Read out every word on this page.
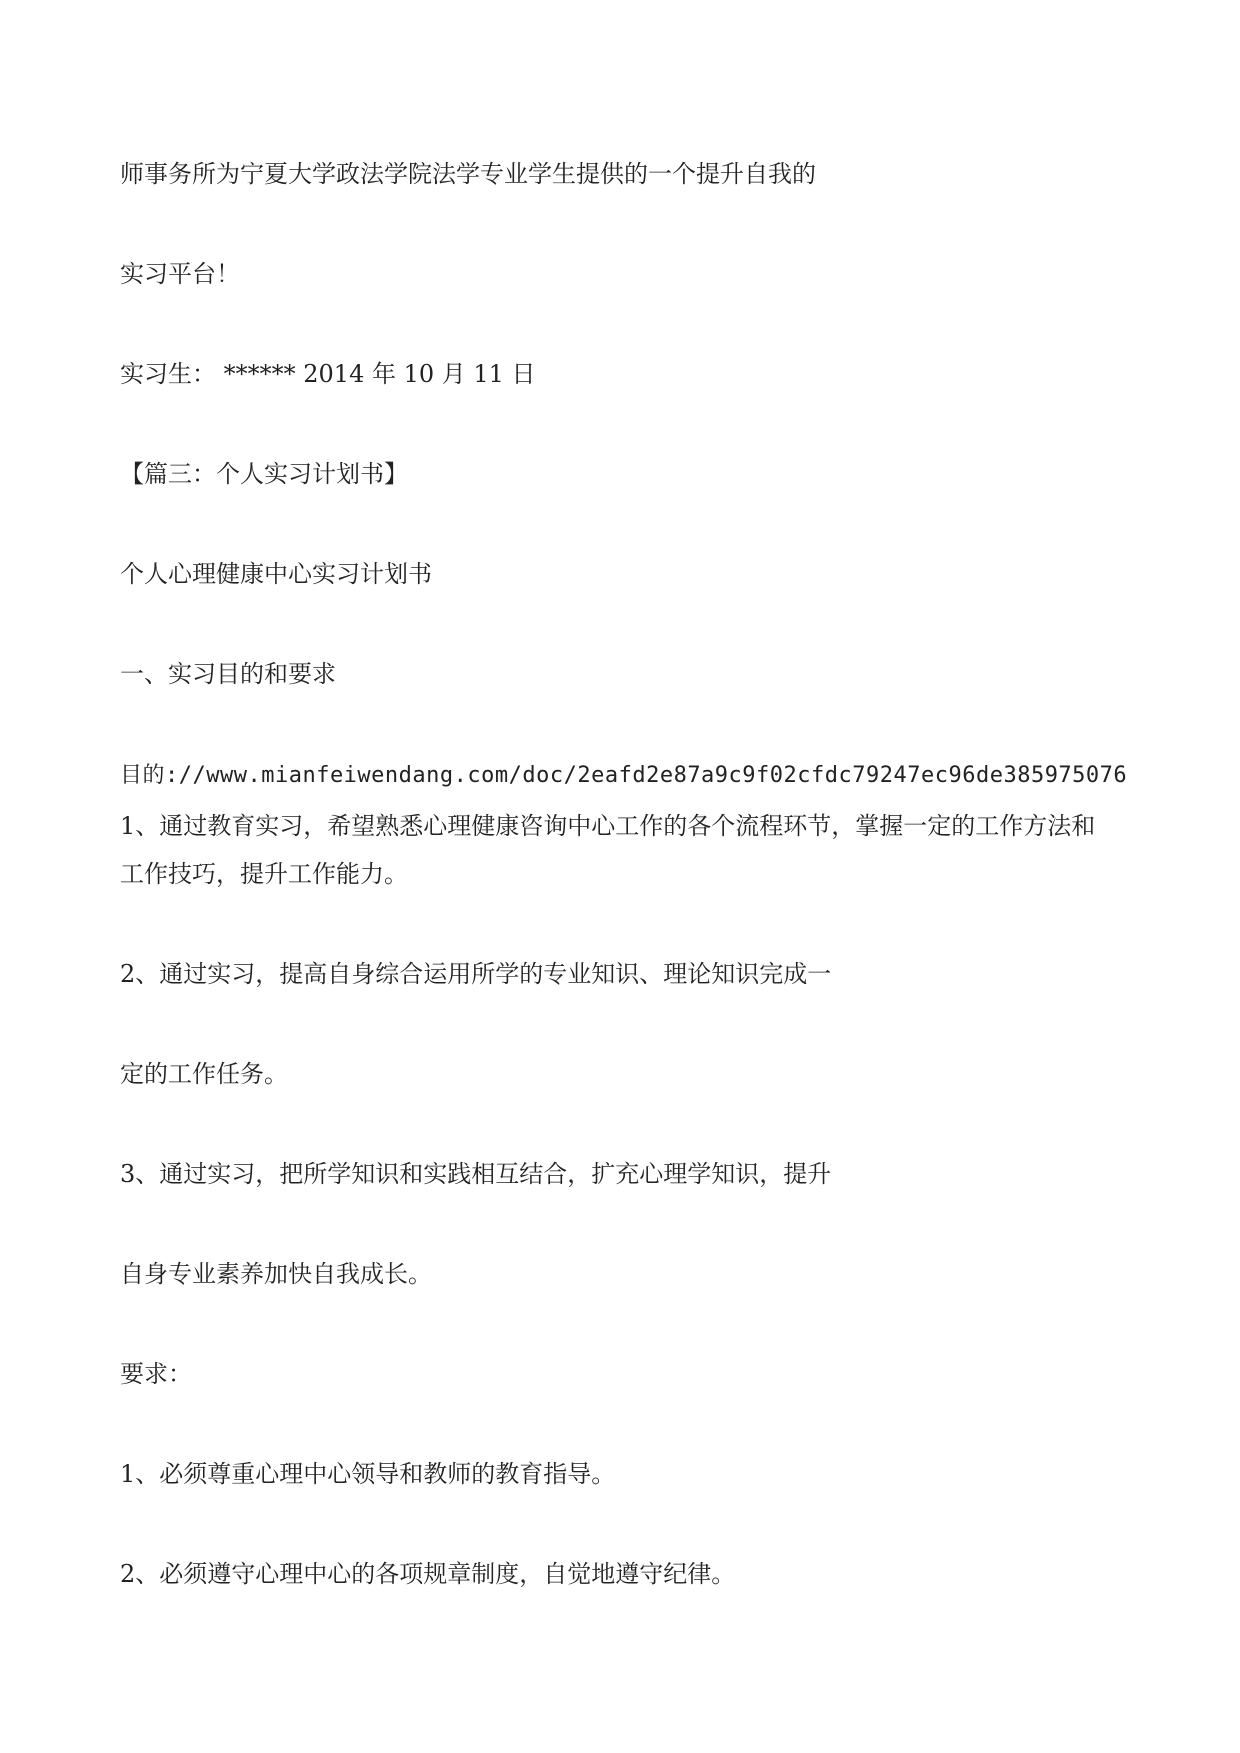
师事务所为宁夏大学政法学院法学专业学生提供的一个提升自我的
实习平台！
实习生： ****** 2014 年 10 月 11 日
【篇三：个人实习计划书】
个人心理健康中心实习计划书
一、实习目的和要求
目的://www.mianfeiwendang.com/doc/2eafd2e87a9c9f02cfdc79247ec96de385975076
1、通过教育实习，希望熟悉心理健康咨询中心工作的各个流程环节，掌握一定的工作方法和
工作技巧，提升工作能力。
2、通过实习，提高自身综合运用所学的专业知识、理论知识完成一
定的工作任务。
3、通过实习，把所学知识和实践相互结合，扩充心理学知识，提升
自身专业素养加快自我成长。
要求：
1、必须尊重心理中心领导和教师的教育指导。
2、必须遵守心理中心的各项规章制度，自觉地遵守纪律。
